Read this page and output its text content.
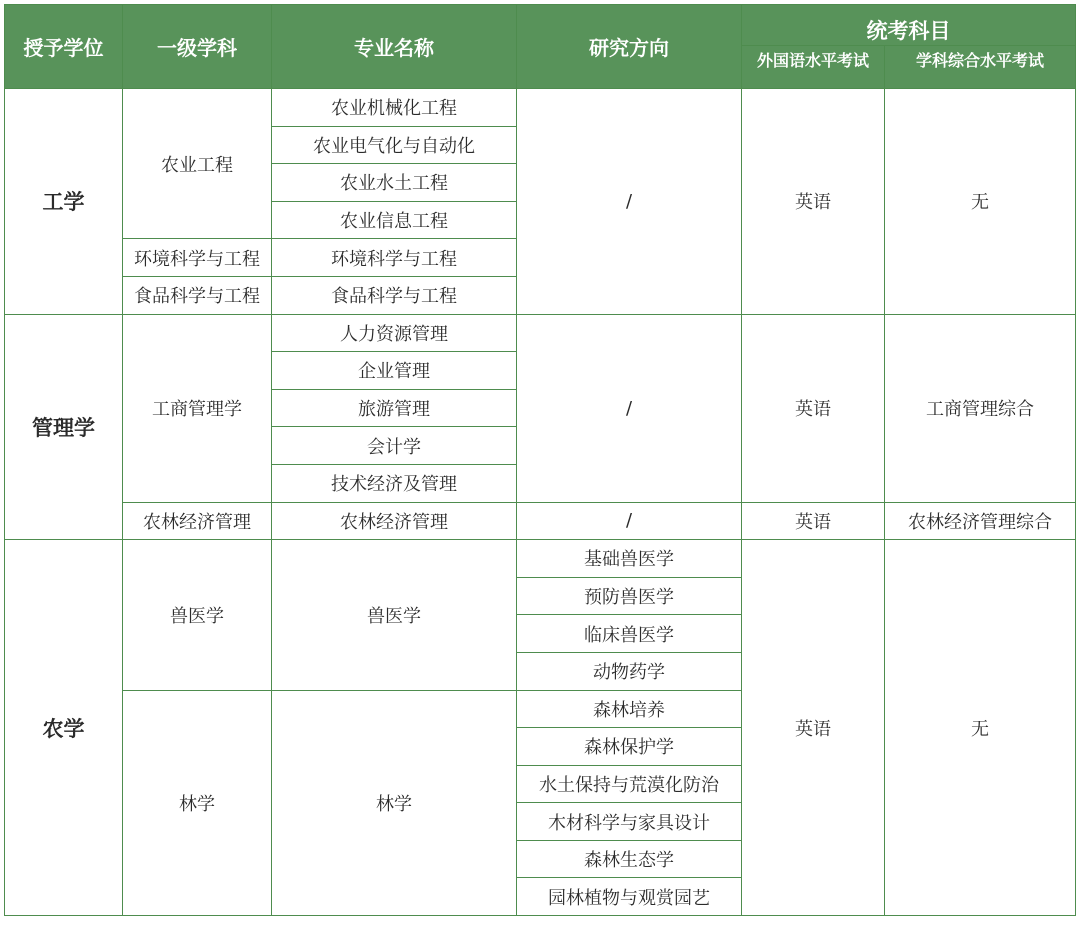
授予学位	一级学科	专业名称	研究方向	统考科目	
				外国语水平考试	学科综合水平考试
工学	农业工程	农业机械化工程	/	英语	无
		农业电气化与自动化			
		农业水土工程			
		农业信息工程			
	环境科学与工程	环境科学与工程			
	食品科学与工程	食品科学与工程			
管理学	工商管理学	人力资源管理	/	英语	工商管理综合
		企业管理			
		旅游管理			
		会计学			
		技术经济及管理			
	农林经济管理	农林经济管理	/	英语	农林经济管理综合
农学	兽医学	兽医学	基础兽医学	英语	无
			预防兽医学		
			临床兽医学		
			动物药学		
	林学	林学	森林培养		
			森林保护学		
			水土保持与荒漠化防治		
			木材科学与家具设计		
			森林生态学		
			园林植物与观赏园艺		
